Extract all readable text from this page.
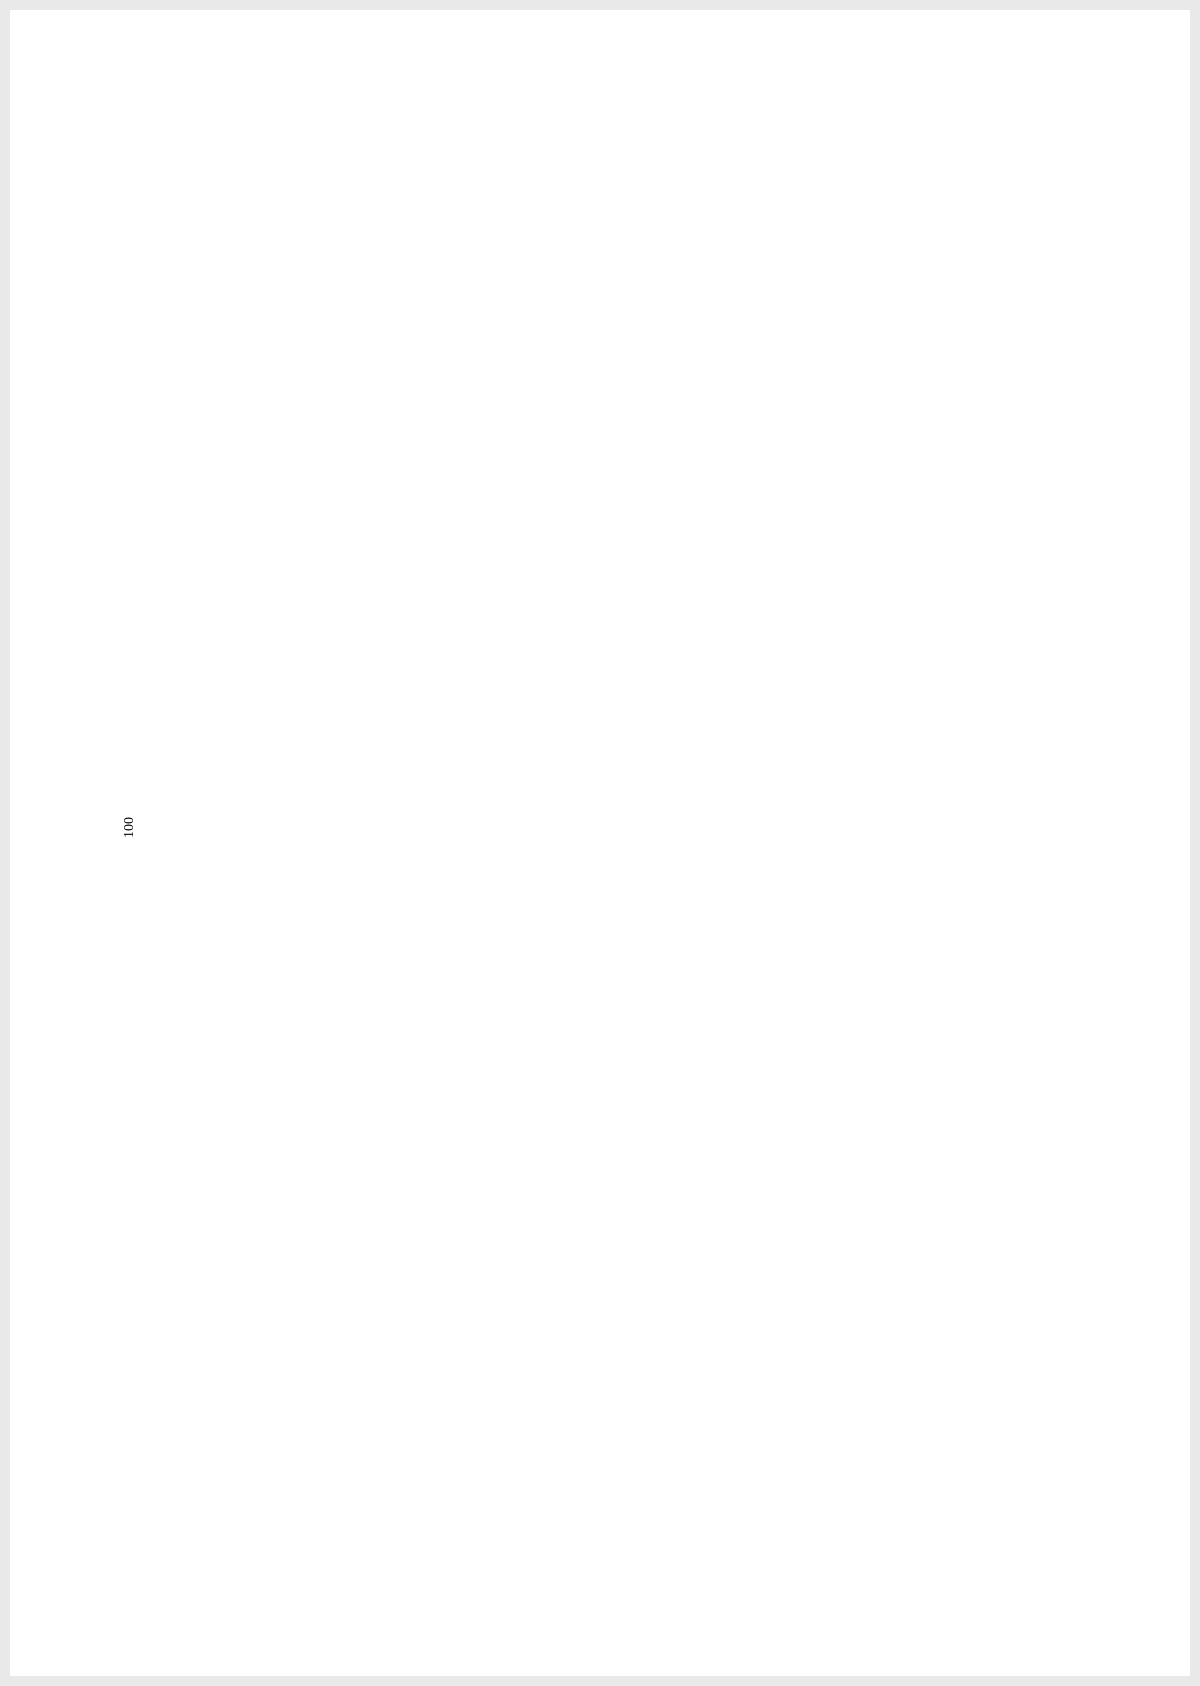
100
